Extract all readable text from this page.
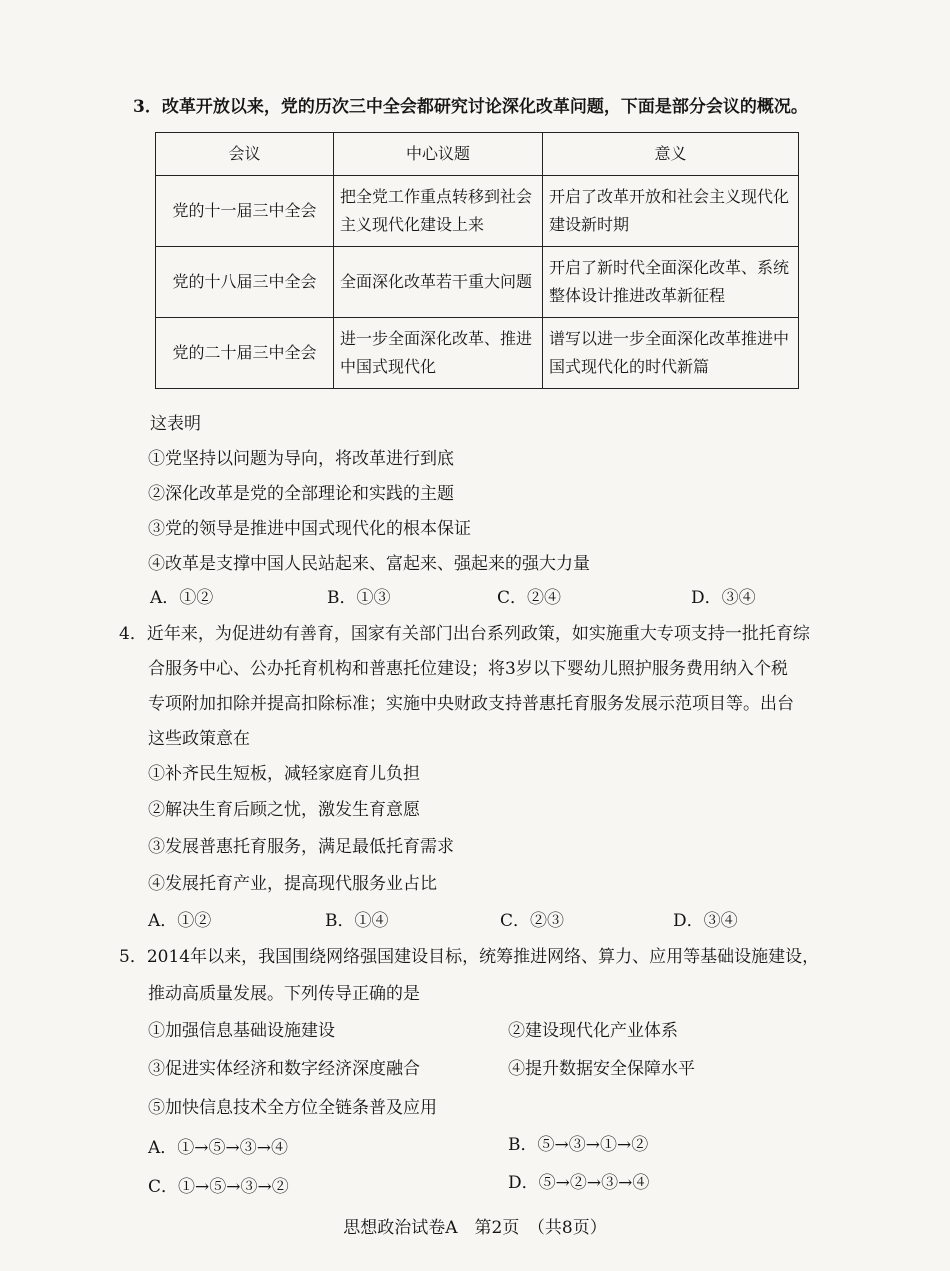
3．改革开放以来，党的历次三中全会都研究讨论深化改革问题，下面是部分会议的概况。
会议	中心议题	意义
党的十一届三中全会	把全党工作重点转移到社会主义现代化建设上来	开启了改革开放和社会主义现代化建设新时期
党的十八届三中全会	全面深化改革若干重大问题	开启了新时代全面深化改革、系统整体设计推进改革新征程
党的二十届三中全会	进一步全面深化改革、推进中国式现代化	谱写以进一步全面深化改革推进中国式现代化的时代新篇
这表明
①党坚持以问题为导向，将改革进行到底
②深化改革是党的全部理论和实践的主题
③党的领导是推进中国式现代化的根本保证
④改革是支撑中国人民站起来、富起来、强起来的强大力量
A．①②	B．①③	C．②④	D．③④
4．近年来，为促进幼有善育，国家有关部门出台系列政策，如实施重大专项支持一批托育综
合服务中心、公办托育机构和普惠托位建设；将3岁以下婴幼儿照护服务费用纳入个税
专项附加扣除并提高扣除标准；实施中央财政支持普惠托育服务发展示范项目等。出台
这些政策意在
①补齐民生短板，减轻家庭育儿负担
②解决生育后顾之忧，激发生育意愿
③发展普惠托育服务，满足最低托育需求
④发展托育产业，提高现代服务业占比
A．①②	B．①④	C．②③	D．③④
5．2014年以来，我国围绕网络强国建设目标，统筹推进网络、算力、应用等基础设施建设，
推动高质量发展。下列传导正确的是
①加强信息基础设施建设	②建设现代化产业体系
③促进实体经济和数字经济深度融合	④提升数据安全保障水平
⑤加快信息技术全方位全链条普及应用
A．①→⑤→③→④	B．⑤→③→①→②
C．①→⑤→③→②	D．⑤→②→③→④
思想政治试卷A　第2页　（共8页）
